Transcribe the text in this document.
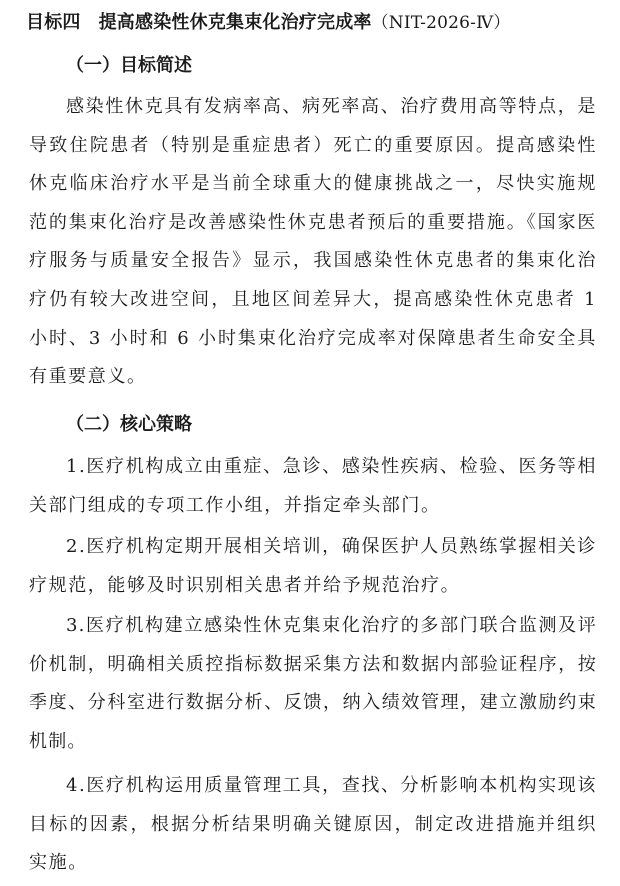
目标四 提高感染性休克集束化治疗完成率（NIT-2026-Ⅳ）
（一）目标简述
感染性休克具有发病率高、病死率高、治疗费用高等特点，是导致住院患者（特别是重症患者）死亡的重要原因。提高感染性休克临床治疗水平是当前全球重大的健康挑战之一，尽快实施规范的集束化治疗是改善感染性休克患者预后的重要措施。《国家医疗服务与质量安全报告》显示，我国感染性休克患者的集束化治疗仍有较大改进空间，且地区间差异大，提高感染性休克患者 1 小时、3 小时和 6 小时集束化治疗完成率对保障患者生命安全具有重要意义。
（二）核心策略
1.医疗机构成立由重症、急诊、感染性疾病、检验、医务等相关部门组成的专项工作小组，并指定牵头部门。
2.医疗机构定期开展相关培训，确保医护人员熟练掌握相关诊疗规范，能够及时识别相关患者并给予规范治疗。
3.医疗机构建立感染性休克集束化治疗的多部门联合监测及评价机制，明确相关质控指标数据采集方法和数据内部验证程序，按季度、分科室进行数据分析、反馈，纳入绩效管理，建立激励约束机制。
4.医疗机构运用质量管理工具，查找、分析影响本机构实现该目标的因素，根据分析结果明确关键原因，制定改进措施并组织实施。
